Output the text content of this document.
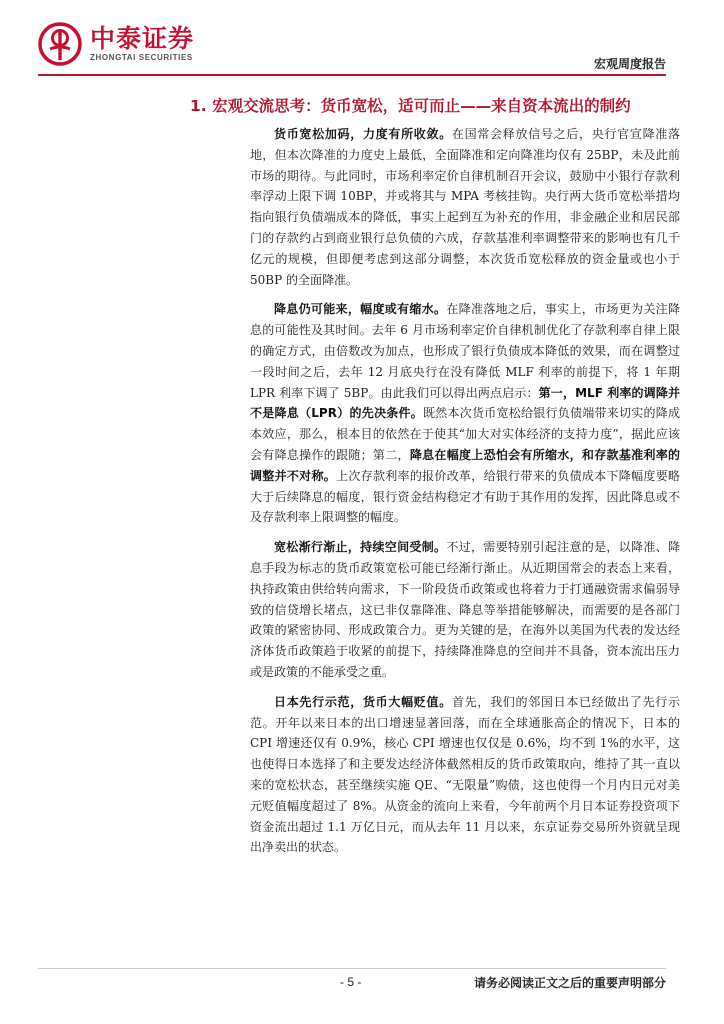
中泰证券
ZHONGTAI SECURITIES	宏观周度报告
1. 宏观交流思考：货币宽松，适可而止——来自资本流出的制约

货币宽松加码，力度有所收敛。在国常会释放信号之后，央行官宣降准落地，但本次降准的力度史上最低，全面降准和定向降准均仅有 25BP，未及此前市场的期待。与此同时，市场利率定价自律机制召开会议，鼓励中小银行存款利率浮动上限下调 10BP，并或将其与 MPA 考核挂钩。央行两大货币宽松举措均指向银行负债端成本的降低，事实上起到互为补充的作用，非金融企业和居民部门的存款约占到商业银行总负债的六成，存款基准利率调整带来的影响也有几千亿元的规模，但即便考虑到这部分调整，本次货币宽松释放的资金量或也小于 50BP 的全面降准。

降息仍可能来，幅度或有缩水。在降准落地之后，事实上，市场更为关注降息的可能性及其时间。去年 6 月市场利率定价自律机制优化了存款利率自律上限的确定方式，由倍数改为加点，也形成了银行负债成本降低的效果，而在调整过一段时间之后，去年 12 月底央行在没有降低 MLF 利率的前提下，将 1 年期 LPR 利率下调了 5BP。由此我们可以得出两点启示：第一，MLF 利率的调降并不是降息（LPR）的先决条件。既然本次货币宽松给银行负债端带来切实的降成本效应，那么，根本目的依然在于使其“加大对实体经济的支持力度”，据此应该会有降息操作的跟随；第二，降息在幅度上恐怕会有所缩水，和存款基准利率的调整并不对称。上次存款利率的报价改革，给银行带来的负债成本下降幅度要略大于后续降息的幅度，银行资金结构稳定才有助于其作用的发挥，因此降息或不及存款利率上限调整的幅度。

宽松渐行渐止，持续空间受制。不过，需要特别引起注意的是，以降准、降息手段为标志的货币政策宽松可能已经渐行渐止。从近期国常会的表态上来看，执持政策由供给转向需求，下一阶段货币政策或也将着力于打通融资需求偏弱导致的信贷增长堵点，这已非仅靠降准、降息等举措能够解决，而需要的是各部门政策的紧密协同、形成政策合力。更为关键的是，在海外以美国为代表的发达经济体货币政策趋于收紧的前提下，持续降准降息的空间并不具备，资本流出压力或是政策的不能承受之重。

日本先行示范，货币大幅贬值。首先，我们的邻国日本已经做出了先行示范。开年以来日本的出口增速显著回落，而在全球通胀高企的情况下，日本的 CPI 增速还仅有 0.9%，核心 CPI 增速也仅仅是 0.6%，均不到 1%的水平，这也使得日本选择了和主要发达经济体截然相反的货币政策取向，维持了其一直以来的宽松状态，甚至继续实施 QE、“无限量”购债，这也使得一个月内日元对美元贬值幅度超过了 8%。从资金的流向上来看，今年前两个月日本证券投资项下资金流出超过 1.1 万亿日元，而从去年 11 月以来，东京证券交易所外资就呈现出净卖出的状态。

- 5 -	请务必阅读正文之后的重要声明部分
